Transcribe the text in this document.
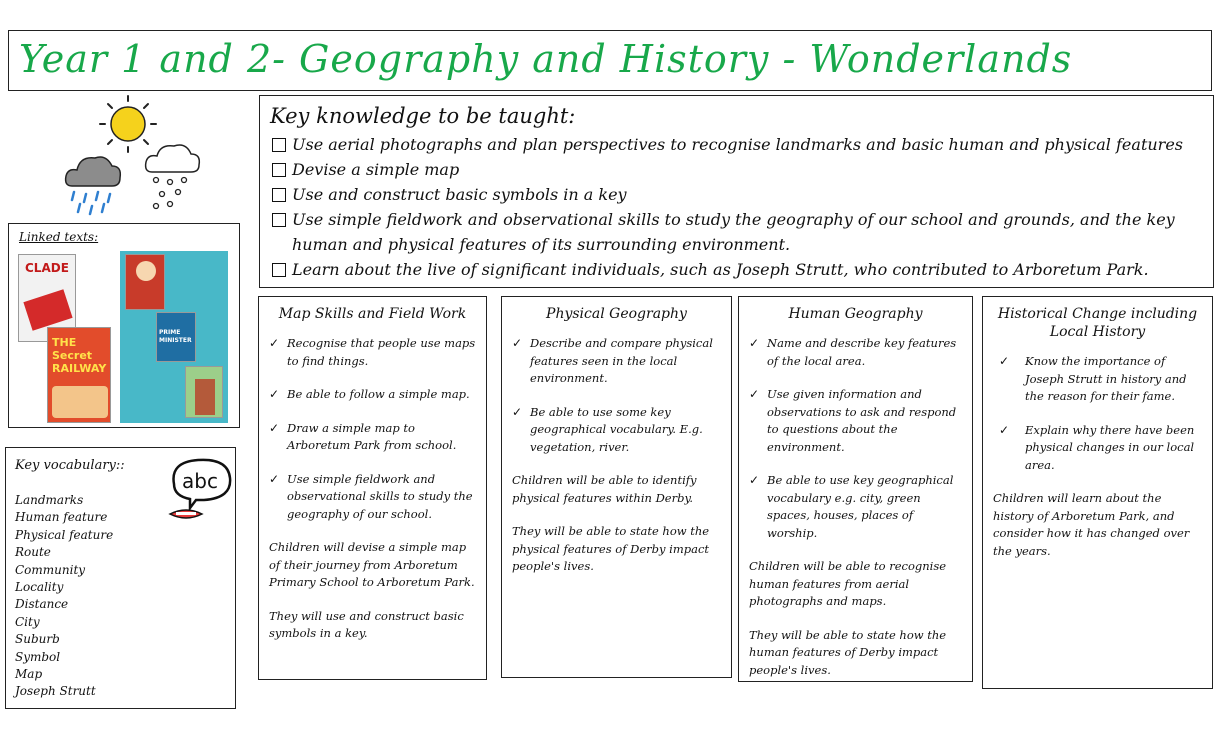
Year 1 and 2- Geography and History - Wonderlands
Key knowledge to be taught:
Use aerial photographs and plan perspectives to recognise landmarks and basic human and physical features
Devise a simple map
Use and construct basic symbols in a key
Use simple fieldwork and observational skills to study the geography of our school and grounds, and the key human and physical features of its surrounding environment.
Learn about the live of significant individuals, such as Joseph Strutt, who contributed to Arboretum Park.
Linked texts:
CLADE
THE Secret RAILWAY
PRIME MINISTER
Key vocabulary::
abc
Landmarks
Human feature
Physical feature
Route
Community
Locality
Distance
City
Suburb
Symbol
Map
Joseph Strutt
Map Skills and Field Work
✓ Recognise that people use maps to find things.
✓ Be able to follow a simple map.
✓ Draw a simple map to Arboretum Park from school.
✓ Use simple fieldwork and observational skills to study the geography of our school.
Children will devise a simple map of their journey from Arboretum Primary School to Arboretum Park.
They will use and construct basic symbols in a key.
Physical Geography
✓ Describe and compare physical features seen in the local environment.
✓ Be able to use some key geographical vocabulary. E.g. vegetation, river.
Children will be able to identify physical features within Derby.
They will be able to state how the physical features of Derby impact people's lives.
Human Geography
✓ Name and describe key features of the local area.
✓ Use given information and observations to ask and respond to questions about the environment.
✓ Be able to use key geographical vocabulary e.g. city, green spaces, houses, places of worship.
Children will be able to recognise human features from aerial photographs and maps.
They will be able to state how the human features of Derby impact people's lives.
Historical Change including Local History
✓	Know the importance of Joseph Strutt in history and the reason for their fame.
✓	Explain why there have been physical changes in our local area.
Children will learn about the history of Arboretum Park, and consider how it has changed over the years.
